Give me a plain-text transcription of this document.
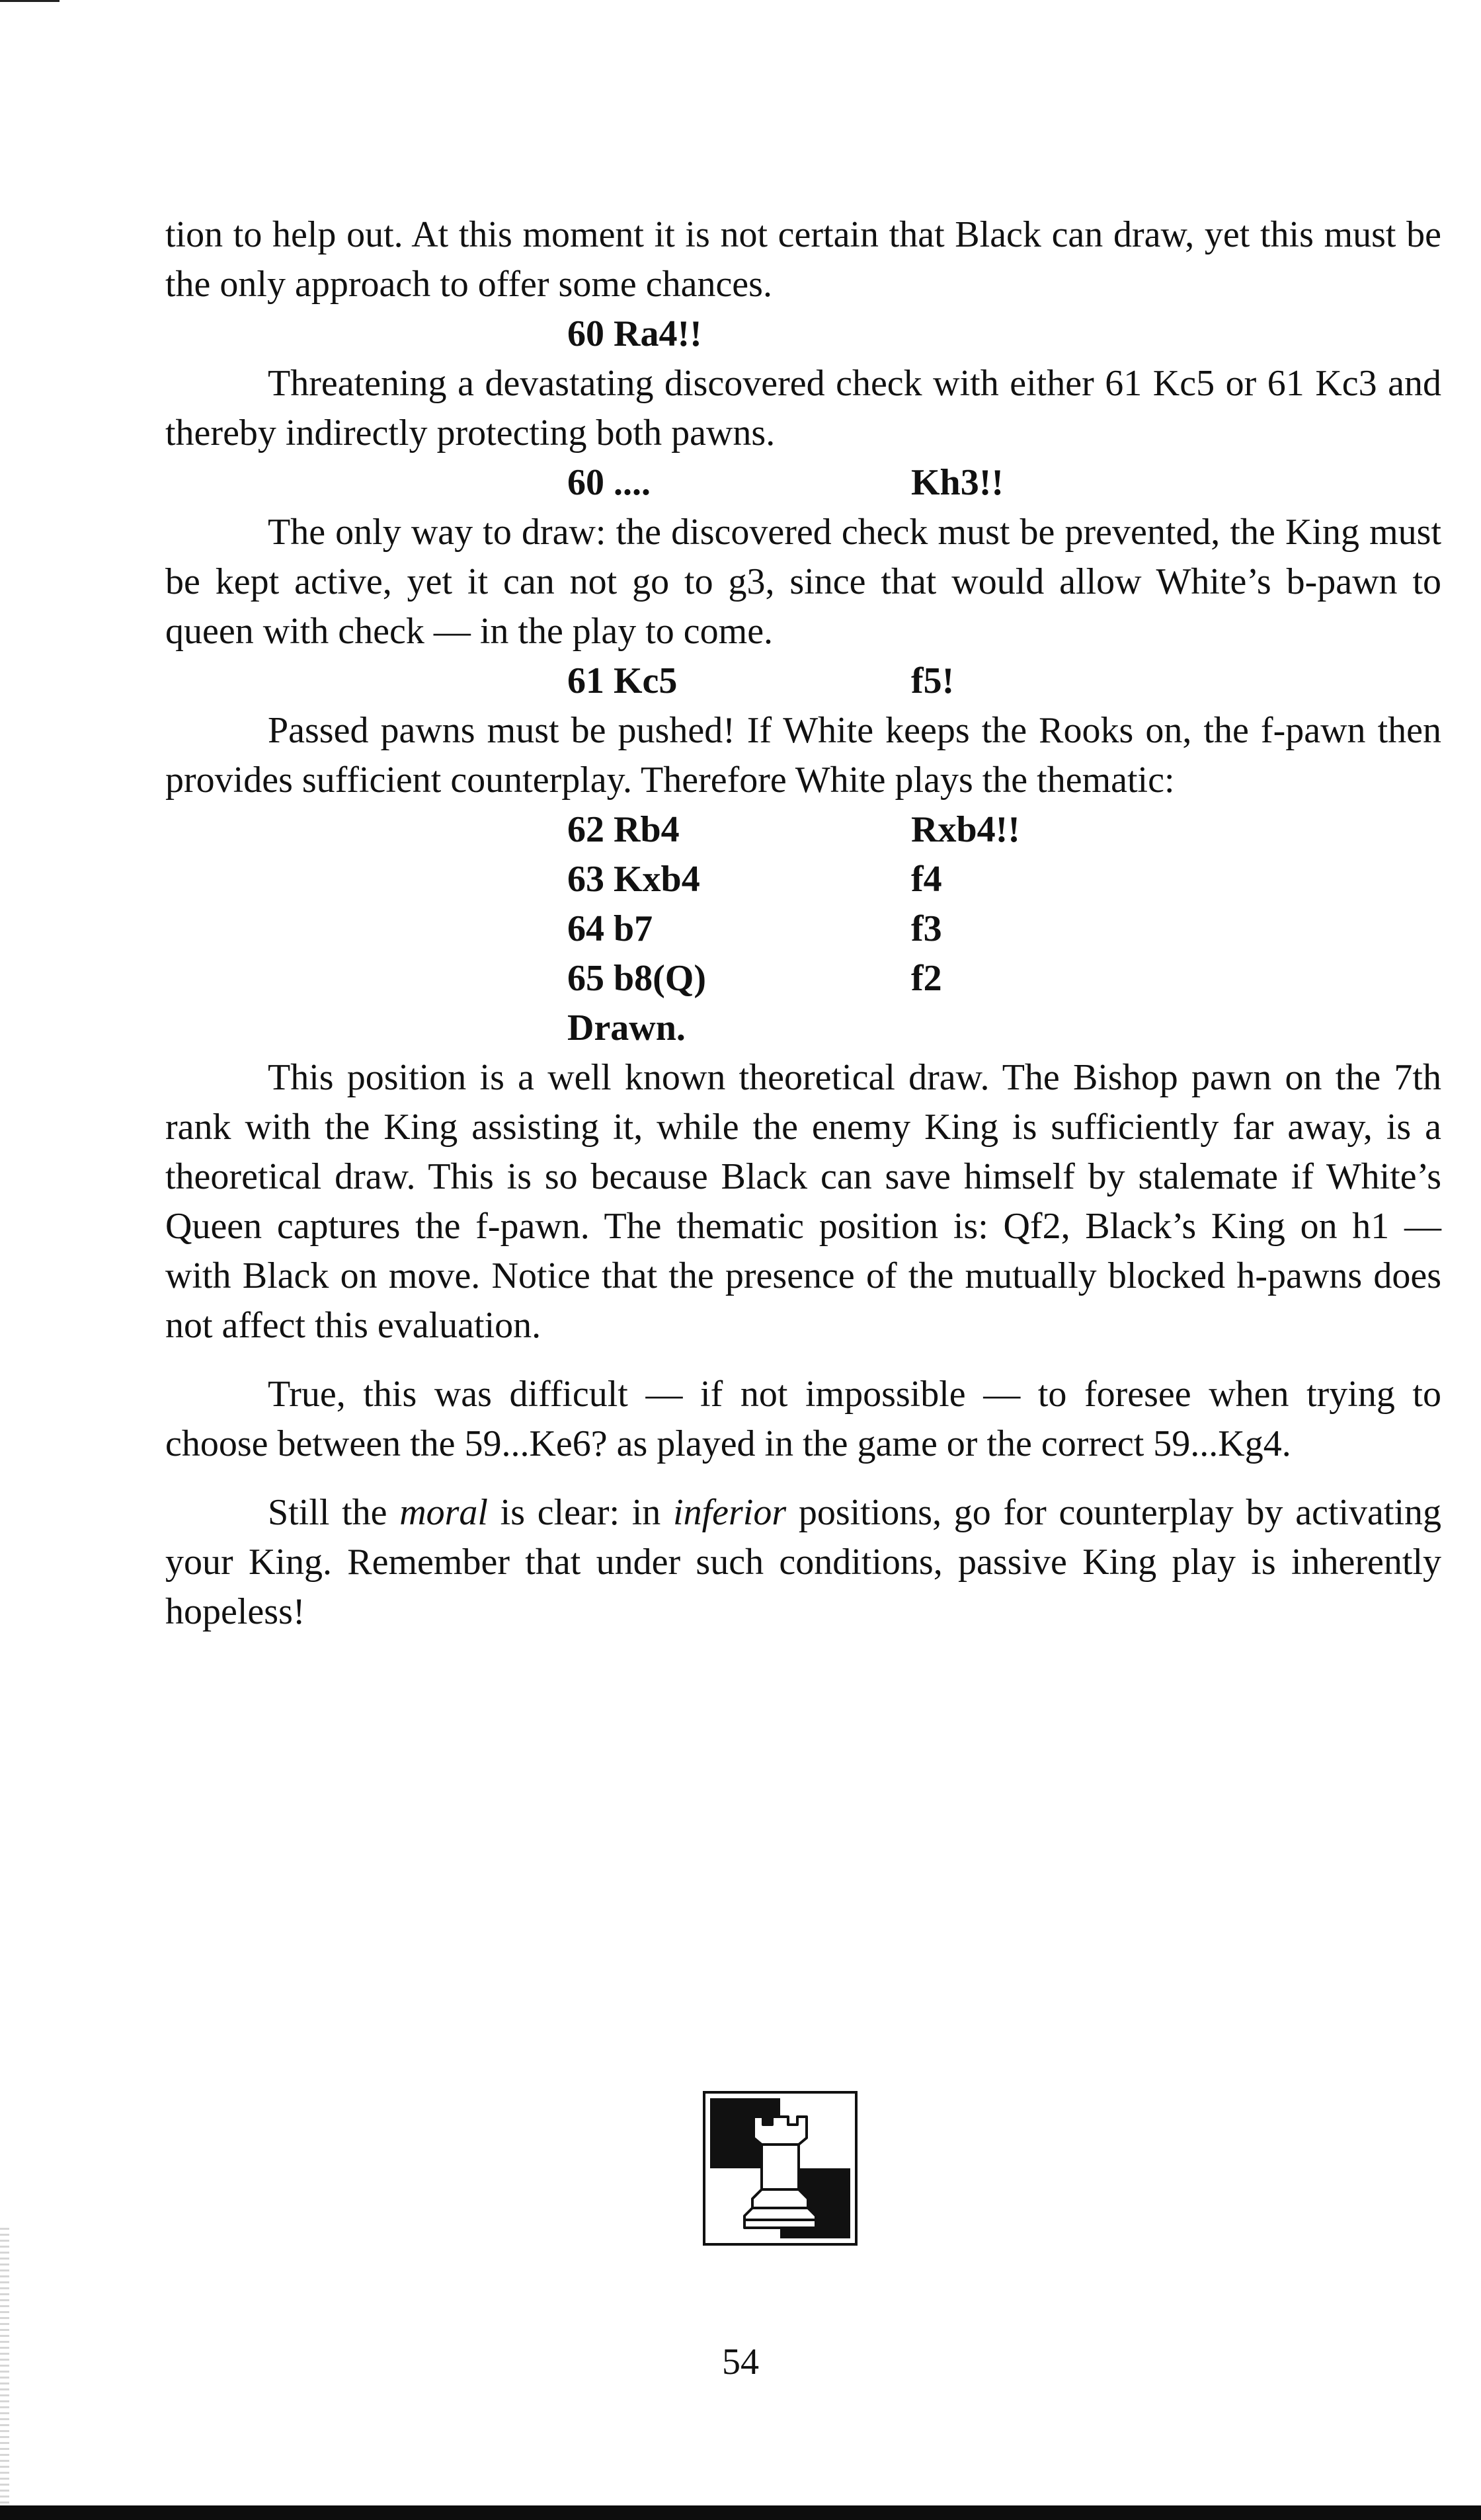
tion to help out. At this moment it is not certain that Black can draw, yet this must be the only approach to offer some chances.

60 Ra4!!

Threatening a devastating discovered check with either 61 Kc5 or 61 Kc3 and thereby indirectly protecting both pawns.

60 ....	Kh3!!

The only way to draw: the discovered check must be prevented, the King must be kept active, yet it can not go to g3, since that would allow White’s b-pawn to queen with check — in the play to come.

61 Kc5	f5!

Passed pawns must be pushed! If White keeps the Rooks on, the f-pawn then provides sufficient counterplay. Therefore White plays the thematic:

62 Rb4	Rxb4!!
63 Kxb4	f4
64 b7	f3
65 b8(Q)	f2
Drawn.

This position is a well known theoretical draw. The Bishop pawn on the 7th rank with the King assisting it, while the enemy King is sufficiently far away, is a theoretical draw. This is so because Black can save himself by stalemate if White’s Queen captures the f-pawn. The thematic position is: Qf2, Black’s King on h1 — with Black on move. Notice that the presence of the mutually blocked h-pawns does not affect this evaluation.

True, this was difficult — if not impossible — to foresee when trying to choose between the 59...Ke6? as played in the game or the correct 59...Kg4.

Still the moral is clear: in inferior positions, go for counterplay by activating your King. Remember that under such conditions, passive King play is inherently hopeless!

54
